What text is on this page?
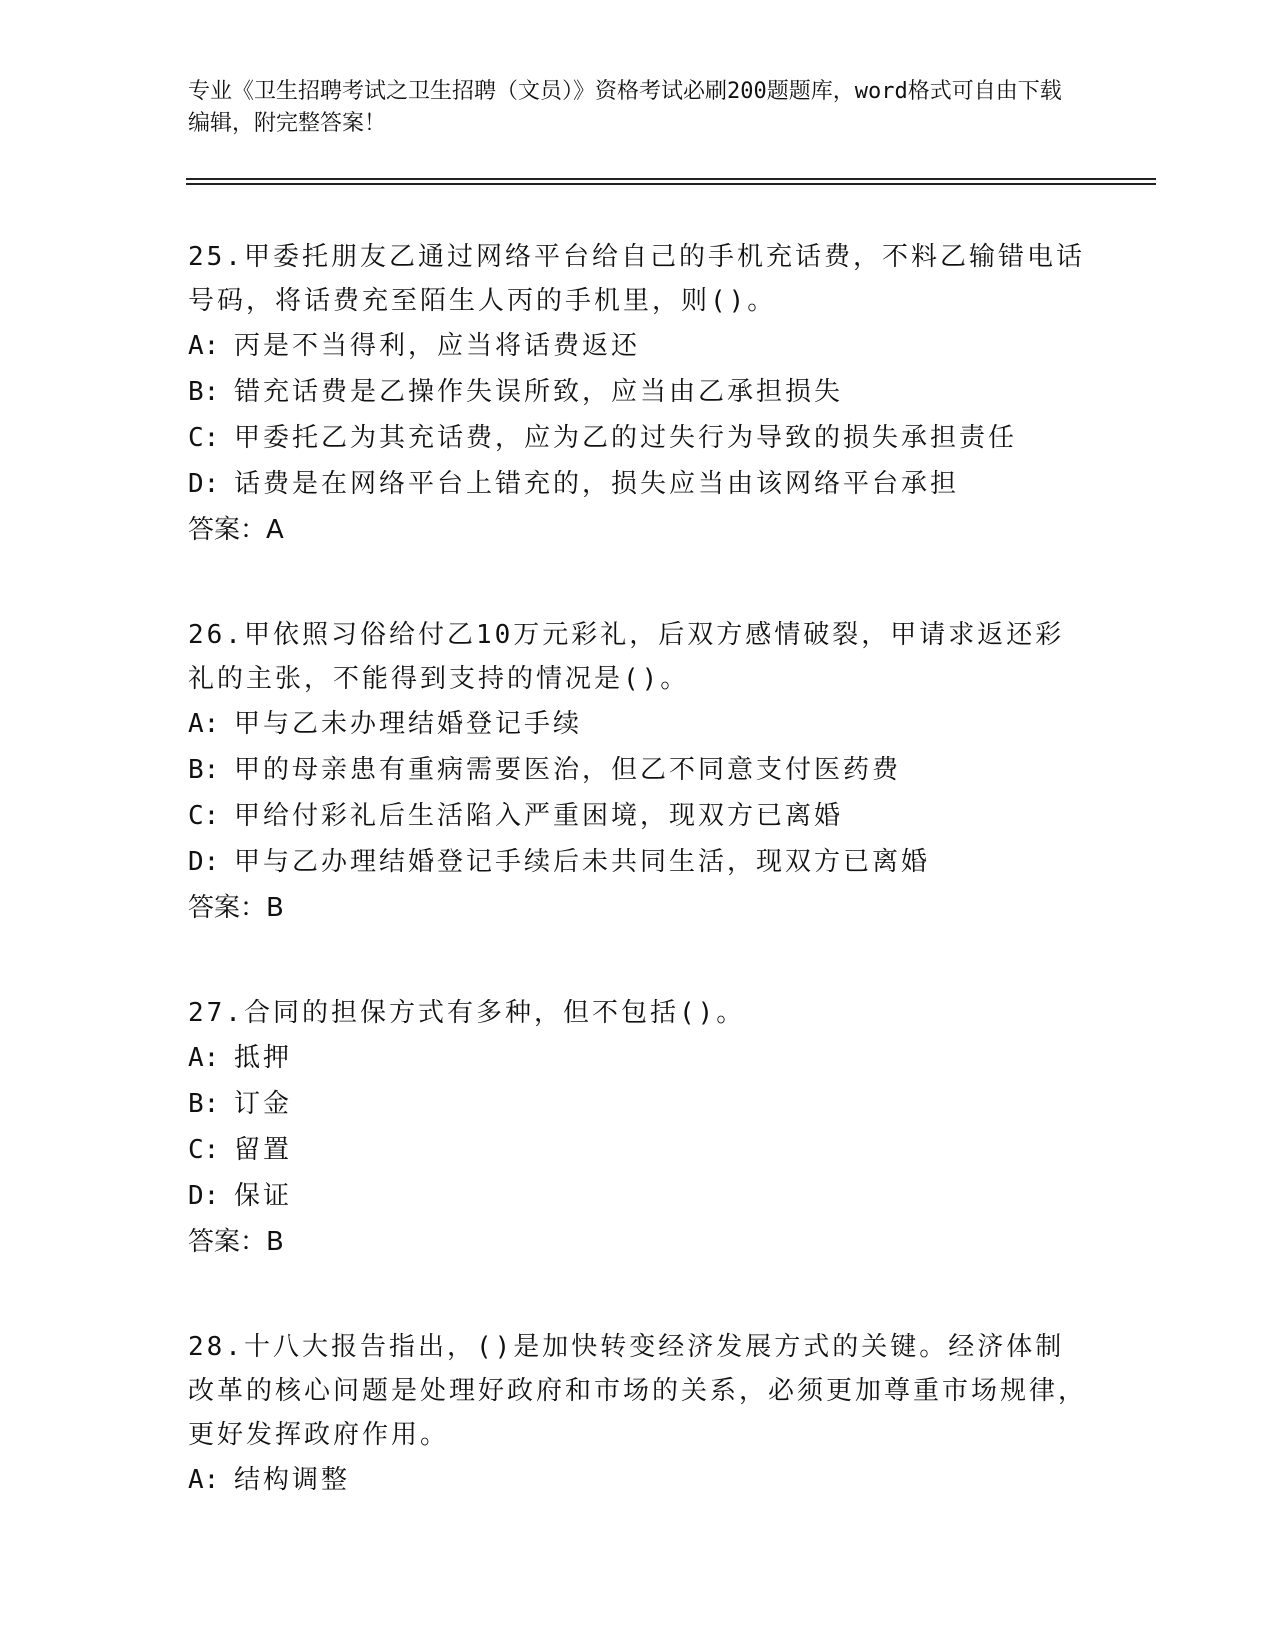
专业《卫生招聘考试之卫生招聘（文员）》资格考试必刷200题题库，word格式可自由下载编辑，附完整答案！
25.甲委托朋友乙通过网络平台给自己的手机充话费，不料乙输错电话号码，将话费充至陌生人丙的手机里，则()。
A: 丙是不当得利，应当将话费返还
B: 错充话费是乙操作失误所致，应当由乙承担损失
C: 甲委托乙为其充话费，应为乙的过失行为导致的损失承担责任
D: 话费是在网络平台上错充的，损失应当由该网络平台承担
答案：A
26.甲依照习俗给付乙10万元彩礼，后双方感情破裂，甲请求返还彩礼的主张，不能得到支持的情况是()。
A: 甲与乙未办理结婚登记手续
B: 甲的母亲患有重病需要医治，但乙不同意支付医药费
C: 甲给付彩礼后生活陷入严重困境，现双方已离婚
D: 甲与乙办理结婚登记手续后未共同生活，现双方已离婚
答案：B
27.合同的担保方式有多种，但不包括()。
A: 抵押
B: 订金
C: 留置
D: 保证
答案：B
28.十八大报告指出，()是加快转变经济发展方式的关键。经济体制改革的核心问题是处理好政府和市场的关系，必须更加尊重市场规律，更好发挥政府作用。
A: 结构调整
